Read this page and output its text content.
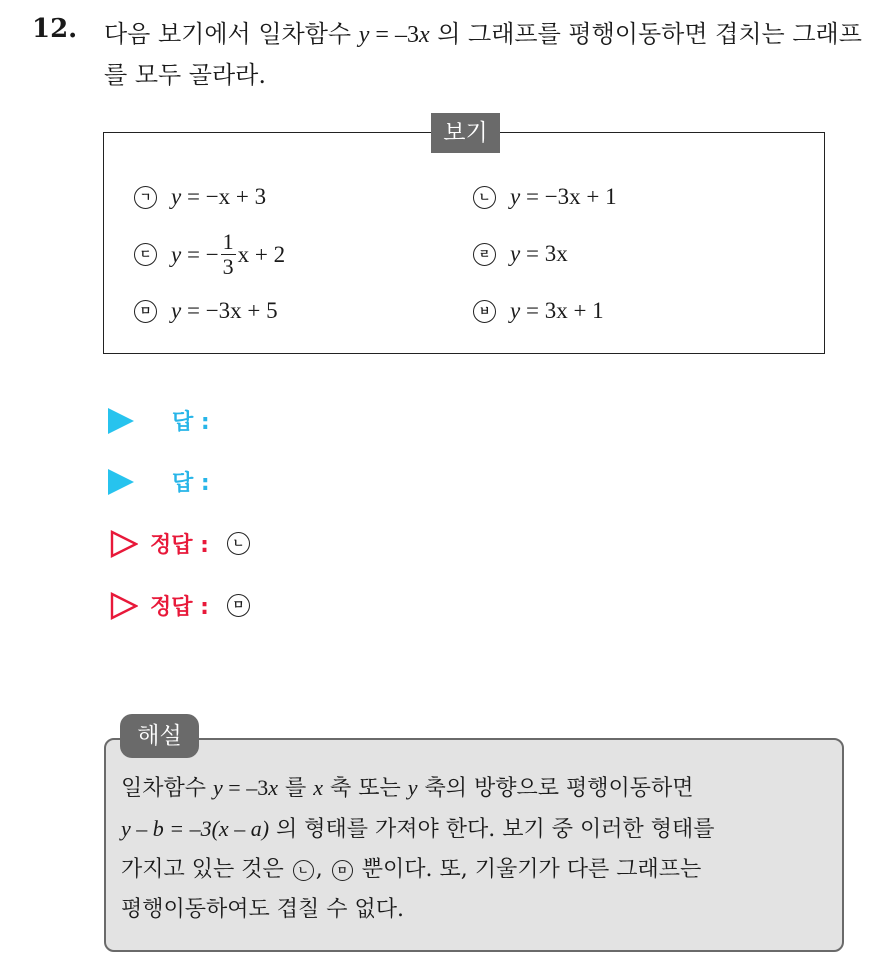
12. 다음 보기에서 일차함수 y = –3x 의 그래프를 평행이동하면 겹치는 그래프를 모두 골라라.
보기
ㄱ y = −x + 3	ㄴ y = −3x + 1
ㄷ y = − $\frac{1}{3}$ x + 2	ㄹ y = 3x
ㅁ y = −3x + 5	ㅂ y = 3x + 1
답 :
답 :
정답 :	ㄴ
정답 :	ㅁ
해설
일차함수 y = –3x 를 x 축 또는 y 축의 방향으로 평행이동하면
y – b = –3(x – a) 의 형태를 가져야 한다. 보기 중 이러한 형태를
가지고 있는 것은 ㄴ , ㅁ 뿐이다. 또, 기울기가 다른 그래프는
평행이동하여도 겹칠 수 없다.
